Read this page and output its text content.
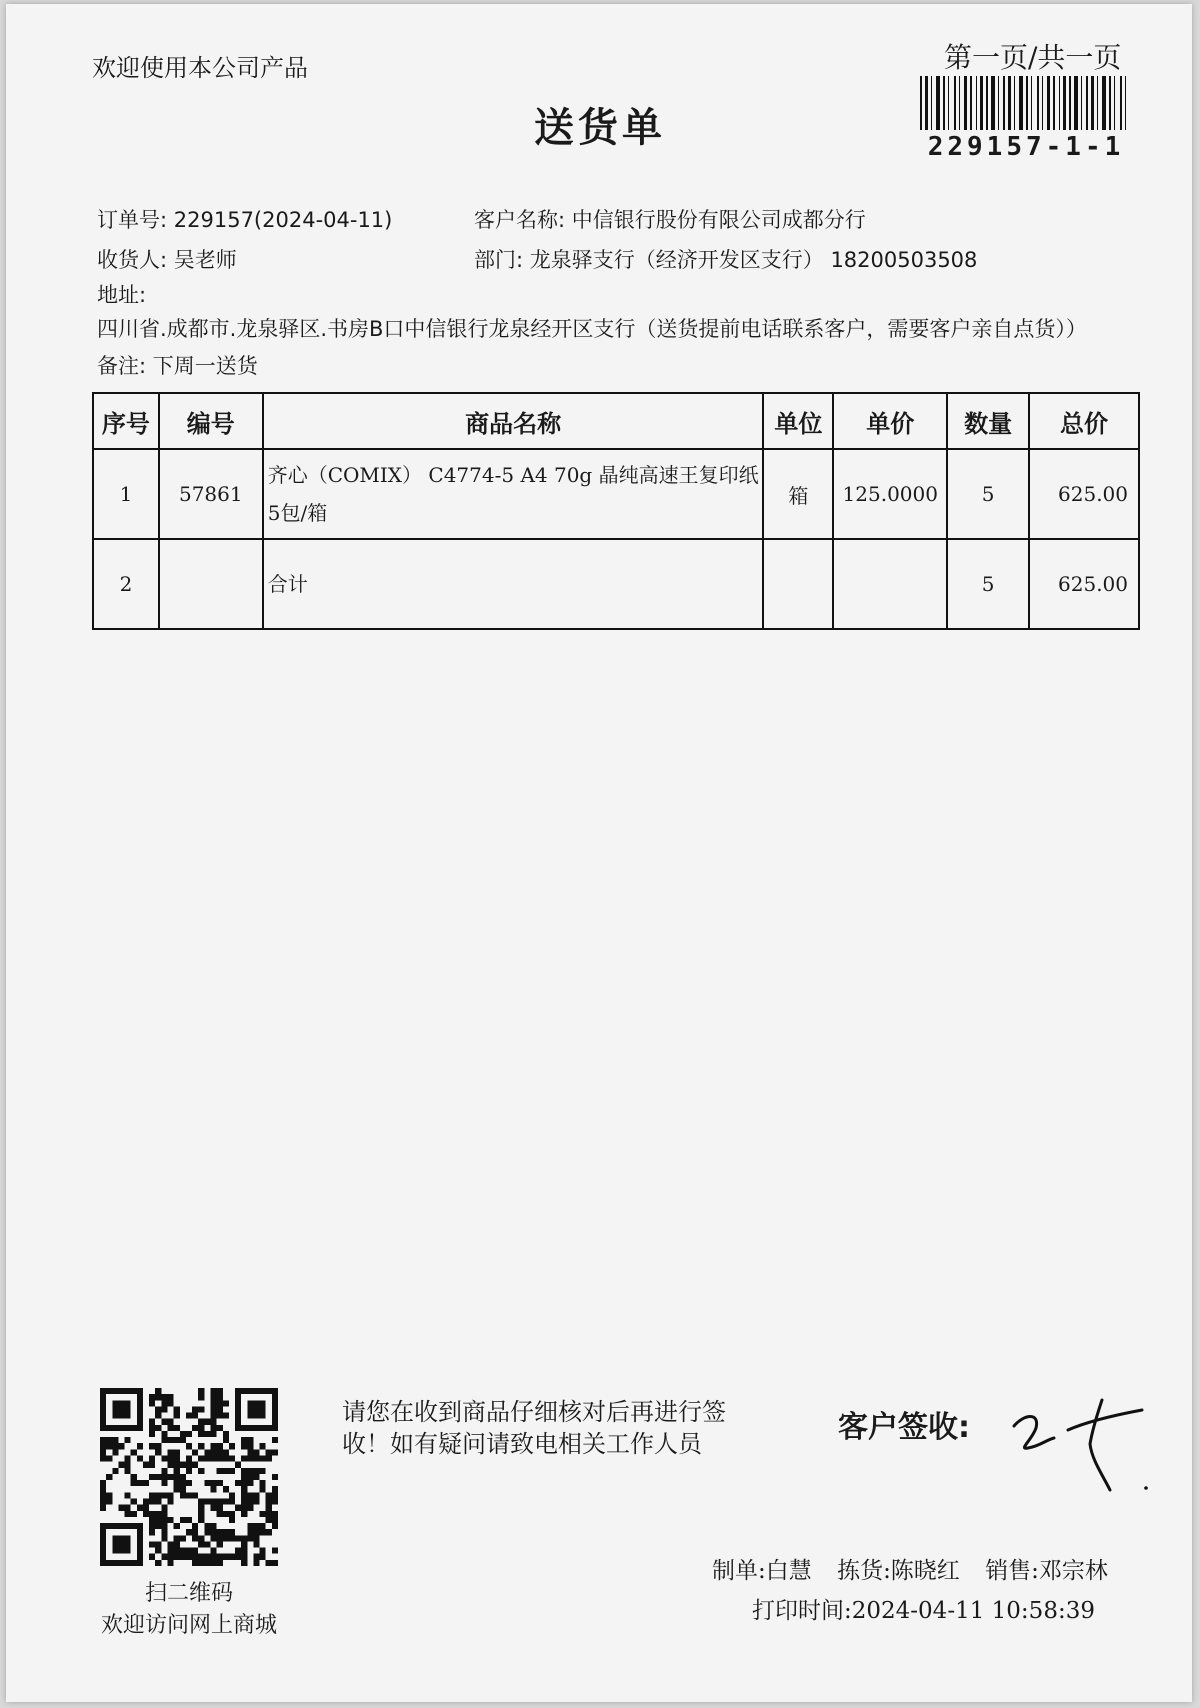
欢迎使用本公司产品
送货单
第一页/共一页
229157-1-1
订单号: 229157(2024-04-11)	客户名称: 中信银行股份有限公司成都分行
收货人: 吴老师	部门: 龙泉驿支行（经济开发区支行） 18200503508
地址: 四川省.成都市.龙泉驿区.书房B口中信银行龙泉经开区支行（送货提前电话联系客户，需要客户亲自点货））
备注: 下周一送货
序号	编号	商品名称	单位	单价	数量	总价
1	57861	齐心（COMIX） C4774-5 A4 70g 晶纯高速王复印纸 5包/箱	箱	125.0000	5	625.00
2		合计			5	625.00
扫二维码
欢迎访问网上商城
请您在收到商品仔细核对后再进行签收！如有疑问请致电相关工作人员	客户签收:
制单:白慧 拣货:陈晓红 销售:邓宗林
打印时间:2024-04-11 10:58:39
